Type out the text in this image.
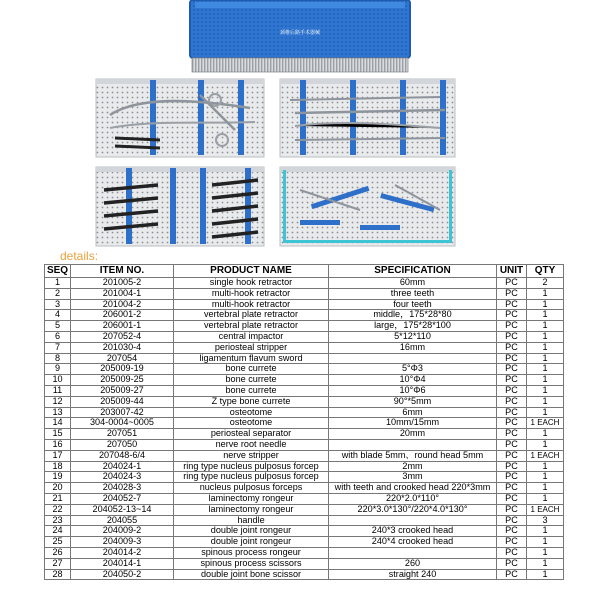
颈椎后路手术器械
details:
SEQ	ITEM NO.	PRODUCT NAME	SPECIFICATION	UNIT	QTY
1	201005-2	single hook retractor	60mm	PC	2
2	201004-1	multi-hook retractor	three teeth	PC	1
3	201004-2	multi-hook retractor	four teeth	PC	1
4	206001-2	vertebral plate retractor	middle，175*28*80	PC	1
5	206001-1	vertebral plate retractor	large，175*28*100	PC	1
6	207052-4	central impactor	5*12*110	PC	1
7	201030-4	periosteal stripper	16mm	PC	1
8	207054	ligamentum flavum sword		PC	1
9	205009-19	bone currete	5°Φ3	PC	1
10	205009-25	bone currete	10°Φ4	PC	1
11	205009-27	bone currete	10°Φ6	PC	1
12	205009-44	Z type bone currete	90°*5mm	PC	1
13	203007-42	osteotome	6mm	PC	1
14	304-0004~0005	osteotome	10mm/15mm	PC	1 EACH
15	207051	periosteal separator	20mm	PC	1
16	207050	nerve root needle		PC	1
17	207048-6/4	nerve stripper	with blade 5mm、round head 5mm	PC	1 EACH
18	204024-1	ring type nucleus pulposus forcep	2mm	PC	1
19	204024-3	ring type nucleus pulposus forcep	3mm	PC	1
20	204028-3	nucleus pulposus forceps	with teeth and crooked head 220*3mm	PC	1
21	204052-7	laminectomy rongeur	220*2.0*110°	PC	1
22	204052-13~14	laminectomy rongeur	220*3.0*130°/220*4.0*130°	PC	1 EACH
23	204055	handle		PC	3
24	204009-2	double joint rongeur	240*3 crooked head	PC	1
25	204009-3	double joint rongeur	240*4 crooked head	PC	1
26	204014-2	spinous process rongeur		PC	1
27	204014-1	spinous process scissors	260	PC	1
28	204050-2	double joint bone scissor	straight 240	PC	1
